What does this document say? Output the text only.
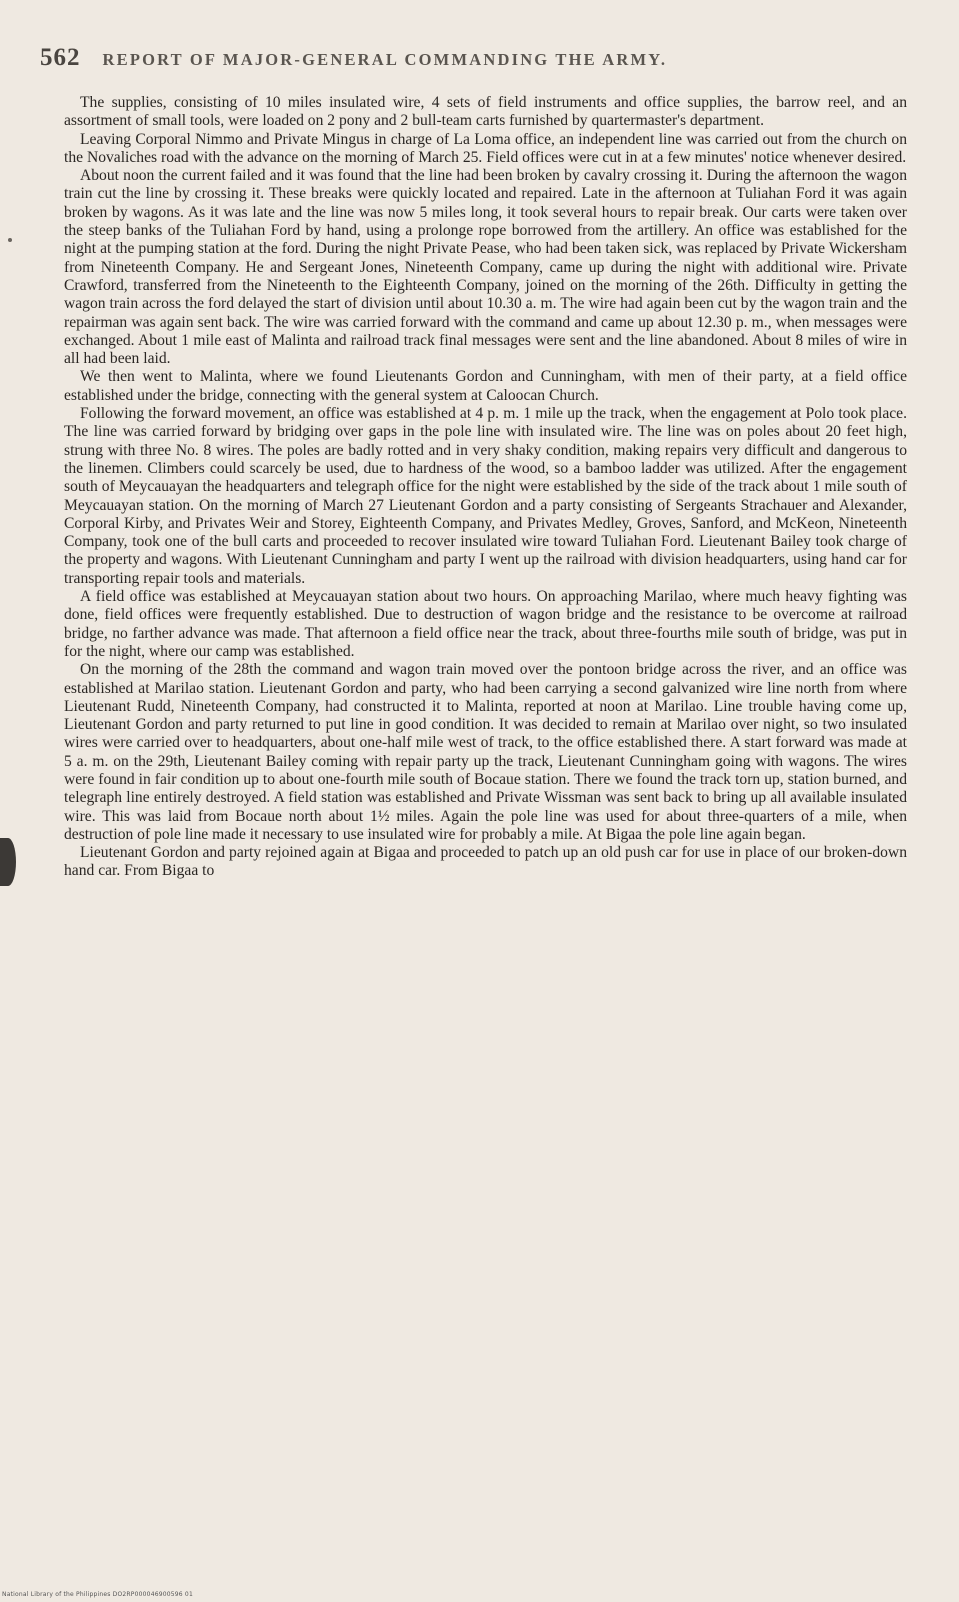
562 REPORT OF MAJOR-GENERAL COMMANDING THE ARMY.

The supplies, consisting of 10 miles insulated wire, 4 sets of field instruments and office supplies, the barrow reel, and an assortment of small tools, were loaded on 2 pony and 2 bull-team carts furnished by quartermaster's department.

Leaving Corporal Nimmo and Private Mingus in charge of La Loma office, an independent line was carried out from the church on the Novaliches road with the advance on the morning of March 25. Field offices were cut in at a few minutes' notice whenever desired.

About noon the current failed and it was found that the line had been broken by cavalry crossing it. During the afternoon the wagon train cut the line by crossing it. These breaks were quickly located and repaired. Late in the afternoon at Tuliahan Ford it was again broken by wagons. As it was late and the line was now 5 miles long, it took several hours to repair break. Our carts were taken over the steep banks of the Tuliahan Ford by hand, using a prolonge rope borrowed from the artillery. An office was established for the night at the pumping station at the ford. During the night Private Pease, who had been taken sick, was replaced by Private Wickersham from Nineteenth Company. He and Sergeant Jones, Nineteenth Company, came up during the night with additional wire. Private Crawford, transferred from the Nineteenth to the Eighteenth Company, joined on the morning of the 26th. Difficulty in getting the wagon train across the ford delayed the start of division until about 10.30 a. m. The wire had again been cut by the wagon train and the repairman was again sent back. The wire was carried forward with the command and came up about 12.30 p. m., when messages were exchanged. About 1 mile east of Malinta and railroad track final messages were sent and the line abandoned. About 8 miles of wire in all had been laid.

We then went to Malinta, where we found Lieutenants Gordon and Cunningham, with men of their party, at a field office established under the bridge, connecting with the general system at Caloocan Church.

Following the forward movement, an office was established at 4 p. m. 1 mile up the track, when the engagement at Polo took place. The line was carried forward by bridging over gaps in the pole line with insulated wire. The line was on poles about 20 feet high, strung with three No. 8 wires. The poles are badly rotted and in very shaky condition, making repairs very difficult and dangerous to the linemen. Climbers could scarcely be used, due to hardness of the wood, so a bamboo ladder was utilized. After the engagement south of Meycauayan the headquarters and telegraph office for the night were established by the side of the track about 1 mile south of Meycauayan station. On the morning of March 27 Lieutenant Gordon and a party consisting of Sergeants Strachauer and Alexander, Corporal Kirby, and Privates Weir and Storey, Eighteenth Company, and Privates Medley, Groves, Sanford, and McKeon, Nineteenth Company, took one of the bull carts and proceeded to recover insulated wire toward Tuliahan Ford. Lieutenant Bailey took charge of the property and wagons. With Lieutenant Cunningham and party I went up the railroad with division headquarters, using hand car for transporting repair tools and materials.

A field office was established at Meycauayan station about two hours. On approaching Marilao, where much heavy fighting was done, field offices were frequently established. Due to destruction of wagon bridge and the resistance to be overcome at railroad bridge, no farther advance was made. That afternoon a field office near the track, about three-fourths mile south of bridge, was put in for the night, where our camp was established.

On the morning of the 28th the command and wagon train moved over the pontoon bridge across the river, and an office was established at Marilao station. Lieutenant Gordon and party, who had been carrying a second galvanized wire line north from where Lieutenant Rudd, Nineteenth Company, had constructed it to Malinta, reported at noon at Marilao. Line trouble having come up, Lieutenant Gordon and party returned to put line in good condition. It was decided to remain at Marilao over night, so two insulated wires were carried over to headquarters, about one-half mile west of track, to the office established there. A start forward was made at 5 a. m. on the 29th, Lieutenant Bailey coming with repair party up the track, Lieutenant Cunningham going with wagons. The wires were found in fair condition up to about one-fourth mile south of Bocaue station. There we found the track torn up, station burned, and telegraph line entirely destroyed. A field station was established and Private Wissman was sent back to bring up all available insulated wire. This was laid from Bocaue north about 1½ miles. Again the pole line was used for about three-quarters of a mile, when destruction of pole line made it necessary to use insulated wire for probably a mile. At Bigaa the pole line again began.

Lieutenant Gordon and party rejoined again at Bigaa and proceeded to patch up an old push car for use in place of our broken-down hand car. From Bigaa to

National Library of the Philippines DO2RP000046900596 01
